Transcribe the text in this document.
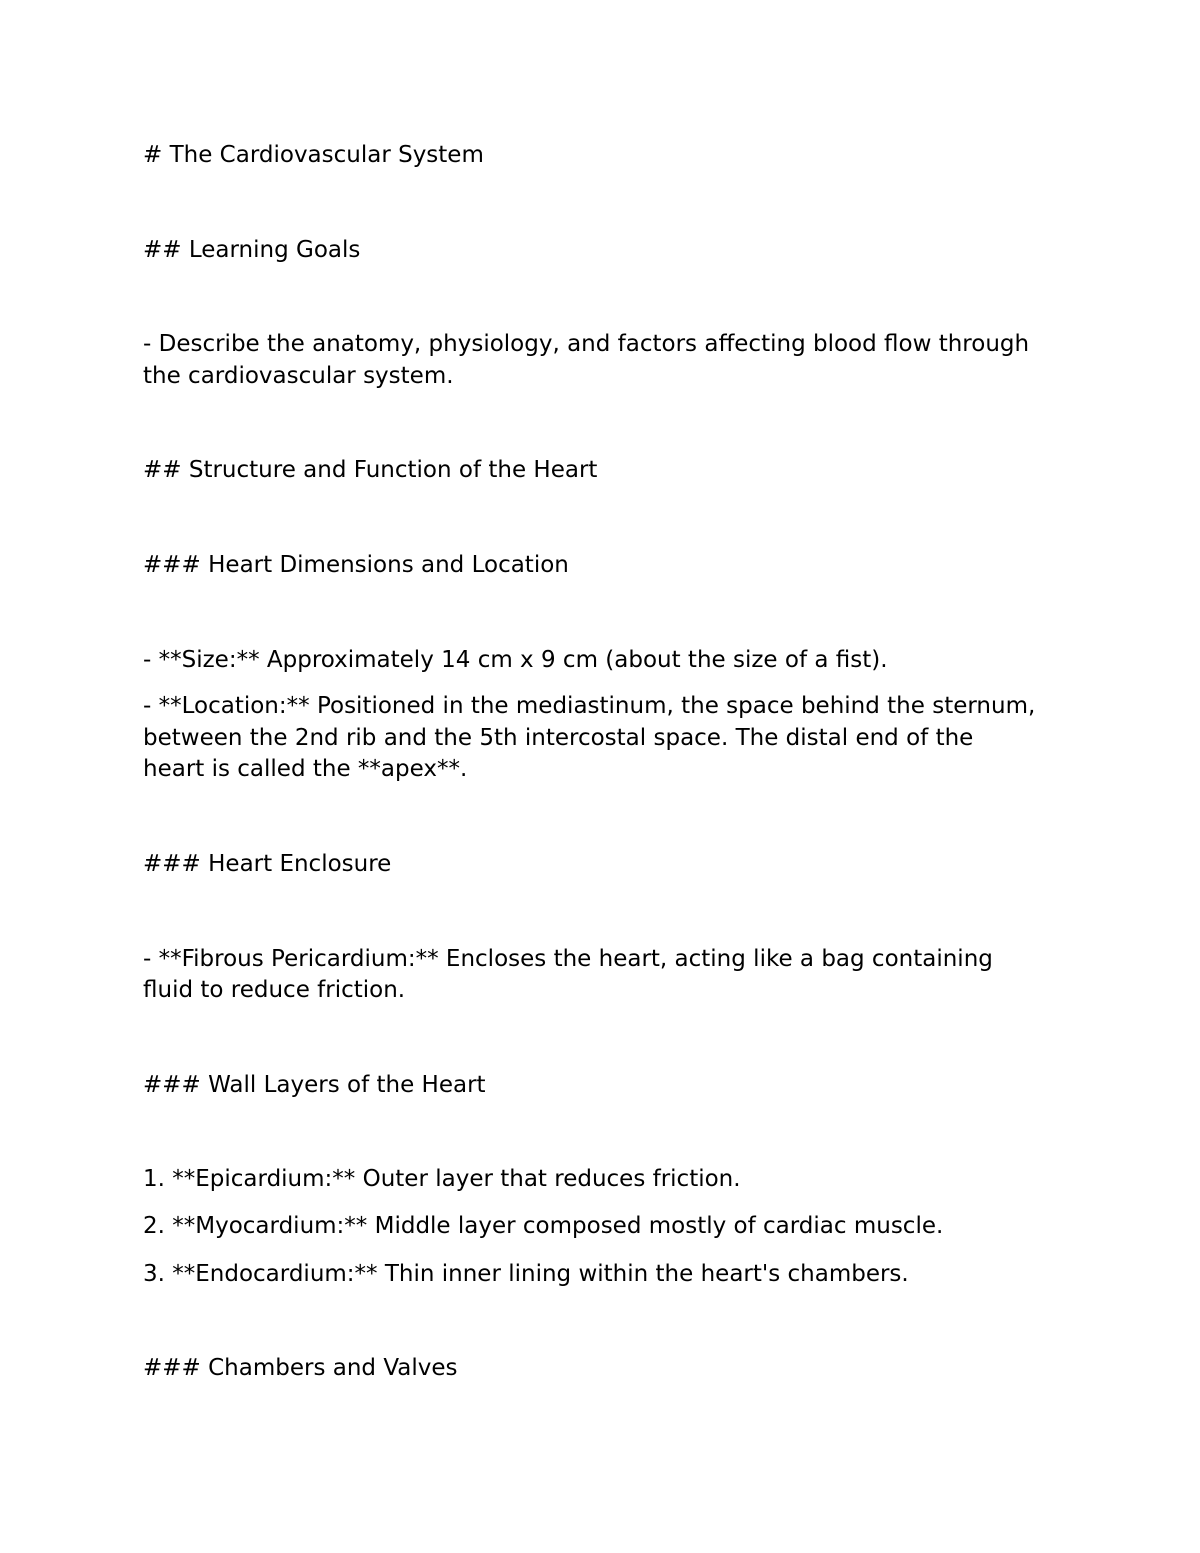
# The Cardiovascular System

## Learning Goals

- Describe the anatomy, physiology, and factors affecting blood flow through

the cardiovascular system.

## Structure and Function of the Heart

### Heart Dimensions and Location

- **Size:** Approximately 14 cm x 9 cm (about the size of a fist).

- **Location:** Positioned in the mediastinum, the space behind the sternum,

between the 2nd rib and the 5th intercostal space. The distal end of the

heart is called the **apex**.

### Heart Enclosure

- **Fibrous Pericardium:** Encloses the heart, acting like a bag containing

fluid to reduce friction.

### Wall Layers of the Heart

1. **Epicardium:** Outer layer that reduces friction.

2. **Myocardium:** Middle layer composed mostly of cardiac muscle.

3. **Endocardium:** Thin inner lining within the heart's chambers.

### Chambers and Valves
